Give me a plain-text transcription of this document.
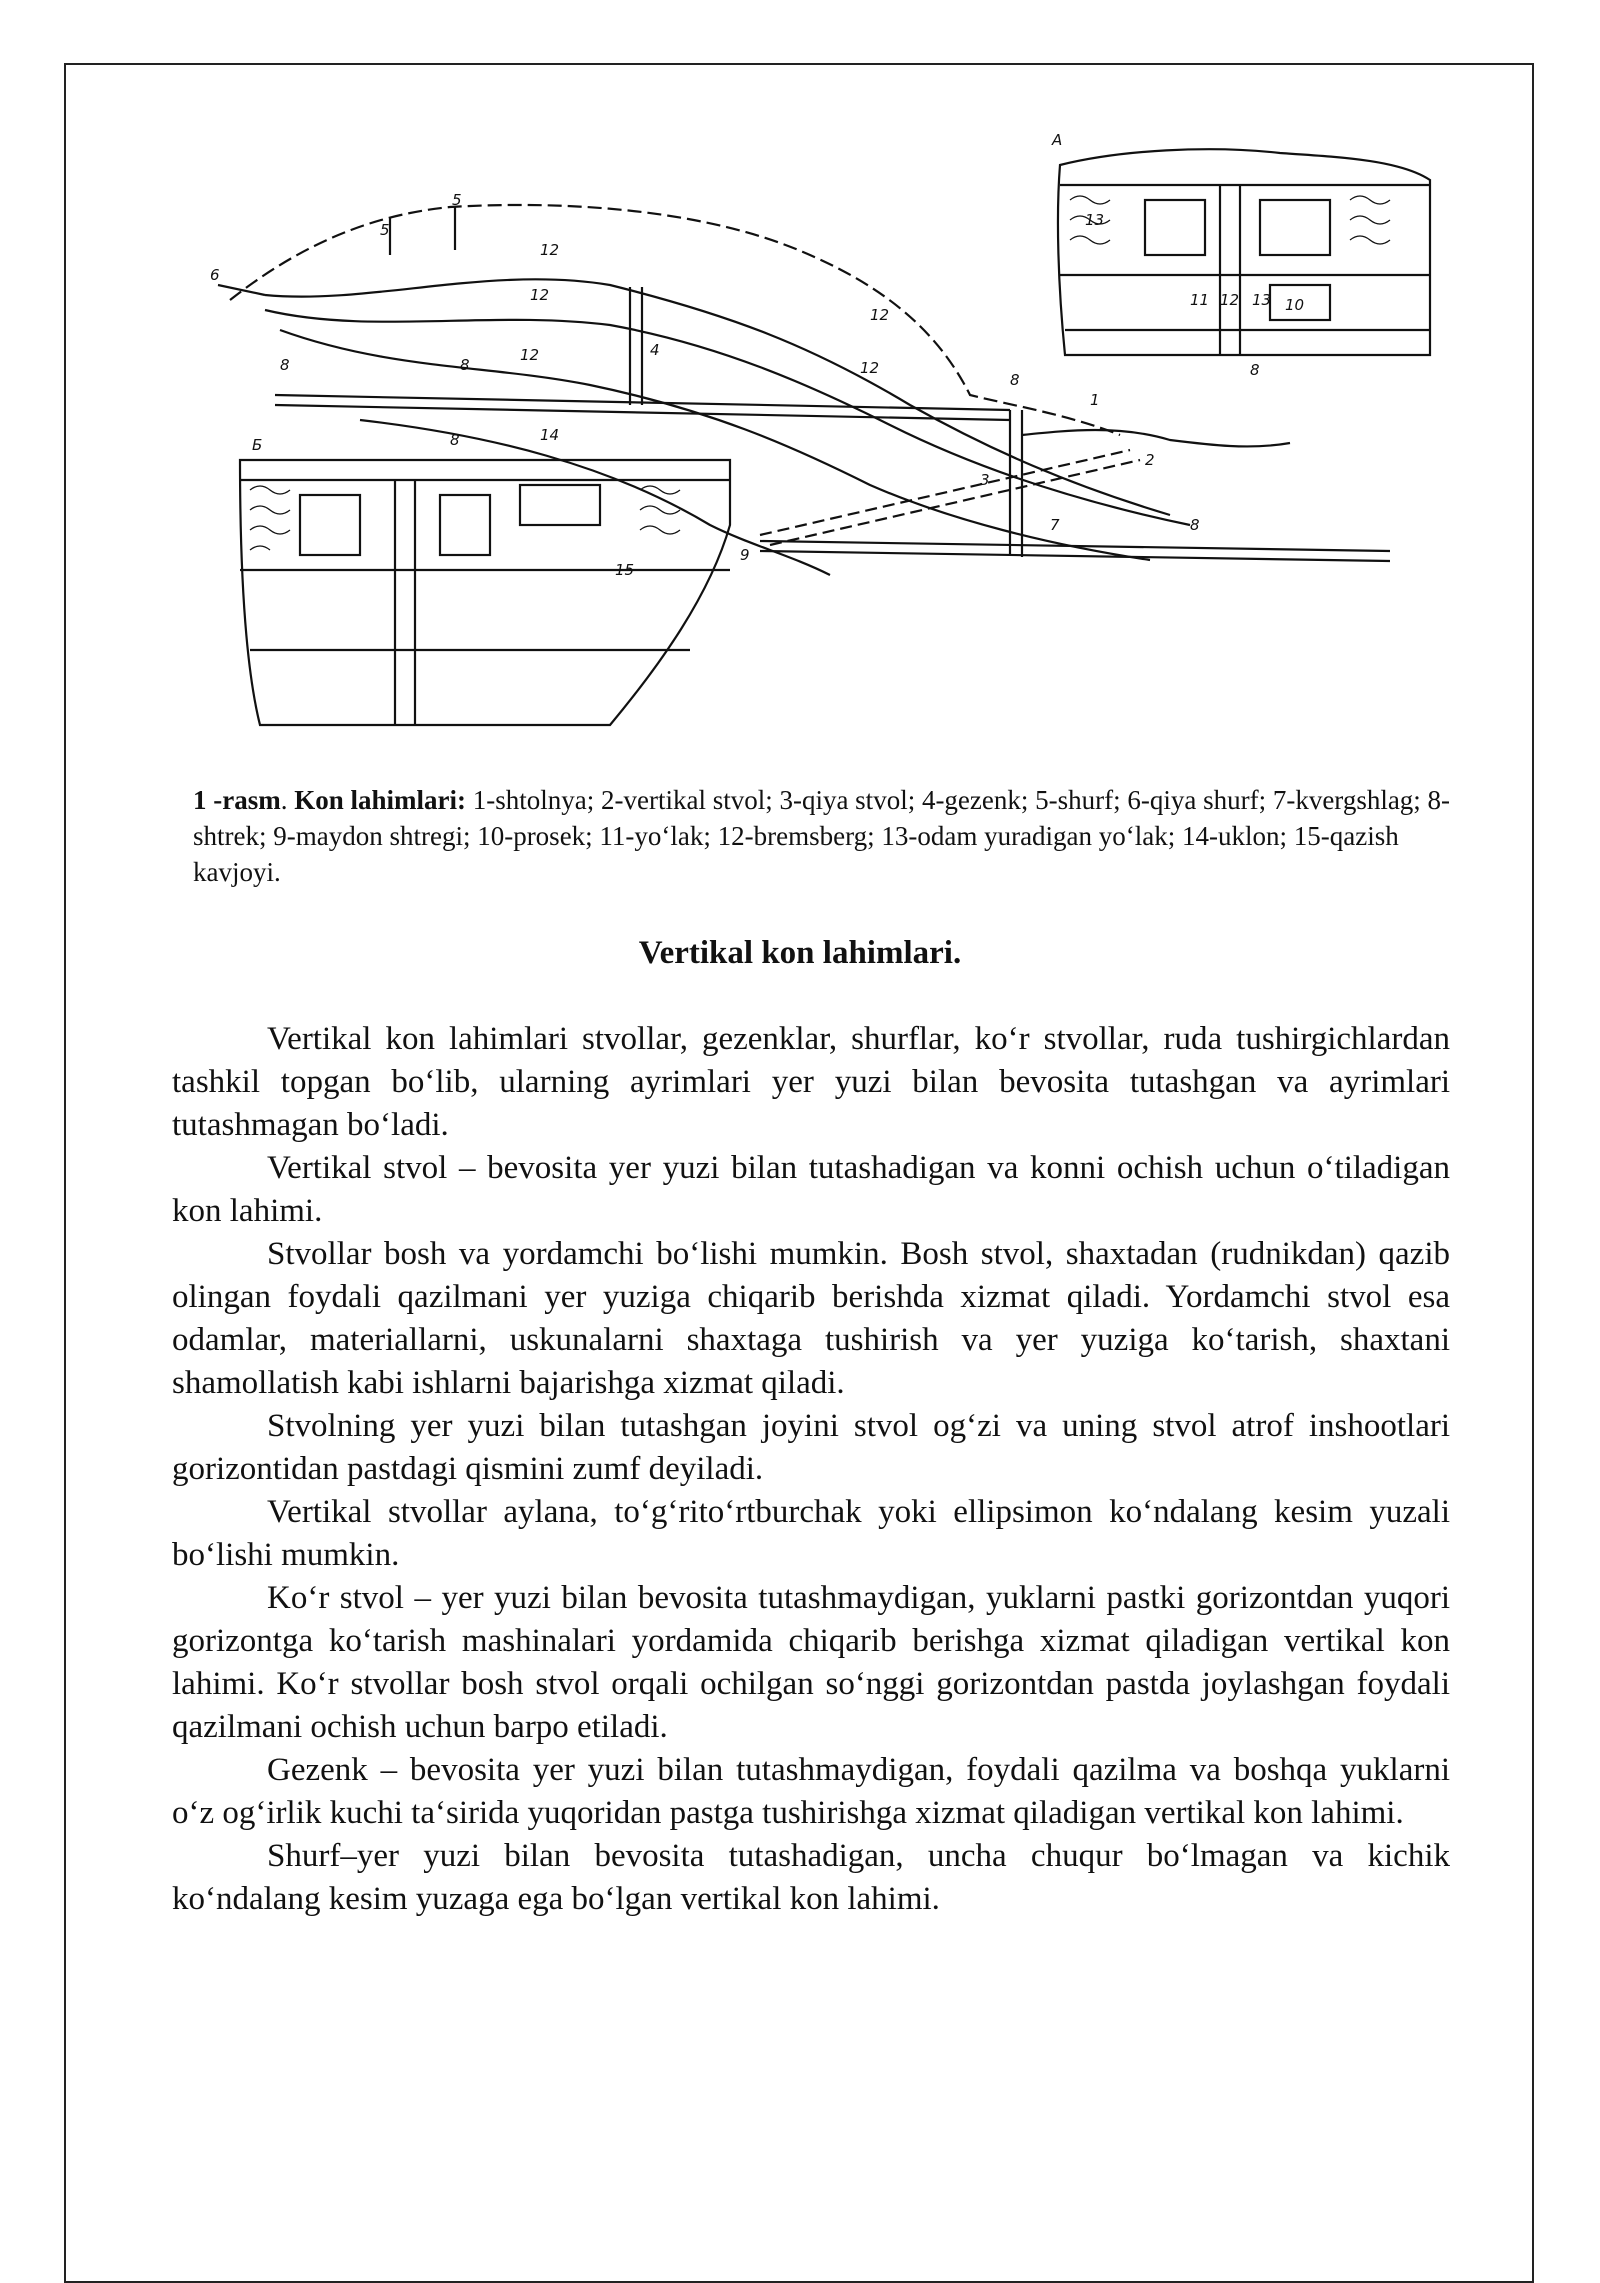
А
Б
1
2
3
4
5
5
6
7
8	8
8
8
8
8
9
10
11
12
12
12
12
12
12
13
13
14
15
1 -rasm. Kon lahimlari: 1-shtolnya; 2-vertikal stvol; 3-qiya stvol; 4-gezenk; 5-shurf; 6-qiya shurf; 7-kvergshlag; 8-shtrek; 9-maydon shtregi; 10-prosek; 11-yo‘lak; 12-bremsberg; 13-odam yuradigan yo‘lak; 14-uklon; 15-qazish kavjoyi.
Vertikal kon lahimlari.

Vertikal kon lahimlari stvollar, gezenklar, shurflar, ko‘r stvollar, ruda tushirgichlardan tashkil topgan bo‘lib, ularning ayrimlari yer yuzi bilan bevosita tutashgan va ayrimlari tutashmagan bo‘ladi.

Vertikal stvol – bevosita yer yuzi bilan tutashadigan va konni ochish uchun o‘tiladigan kon lahimi.

Stvollar bosh va yordamchi bo‘lishi mumkin. Bosh stvol, shaxtadan (rudnikdan) qazib olingan foydali qazilmani yer yuziga chiqarib berishda xizmat qiladi. Yordamchi stvol esa odamlar, materiallarni, uskunalarni shaxtaga tushirish va yer yuziga ko‘tarish, shaxtani shamollatish kabi ishlarni bajarishga xizmat qiladi.

Stvolning yer yuzi bilan tutashgan joyini stvol og‘zi va uning stvol atrof inshootlari gorizontidan pastdagi qismini zumf deyiladi.

Vertikal stvollar aylana, to‘g‘rito‘rtburchak yoki ellipsimon ko‘ndalang kesim yuzali bo‘lishi mumkin.

Ko‘r stvol – yer yuzi bilan bevosita tutashmaydigan, yuklarni pastki gorizontdan yuqori gorizontga ko‘tarish mashinalari yordamida chiqarib berishga xizmat qiladigan vertikal kon lahimi. Ko‘r stvollar bosh stvol orqali ochilgan so‘nggi gorizontdan pastda joylashgan foydali qazilmani ochish uchun barpo etiladi.

Gezenk – bevosita yer yuzi bilan tutashmaydigan, foydali qazilma va boshqa yuklarni o‘z og‘irlik kuchi ta‘sirida yuqoridan pastga tushirishga xizmat qiladigan vertikal kon lahimi.

Shurf–yer yuzi bilan bevosita tutashadigan, uncha chuqur bo‘lmagan va kichik ko‘ndalang kesim yuzaga ega bo‘lgan vertikal kon lahimi.
